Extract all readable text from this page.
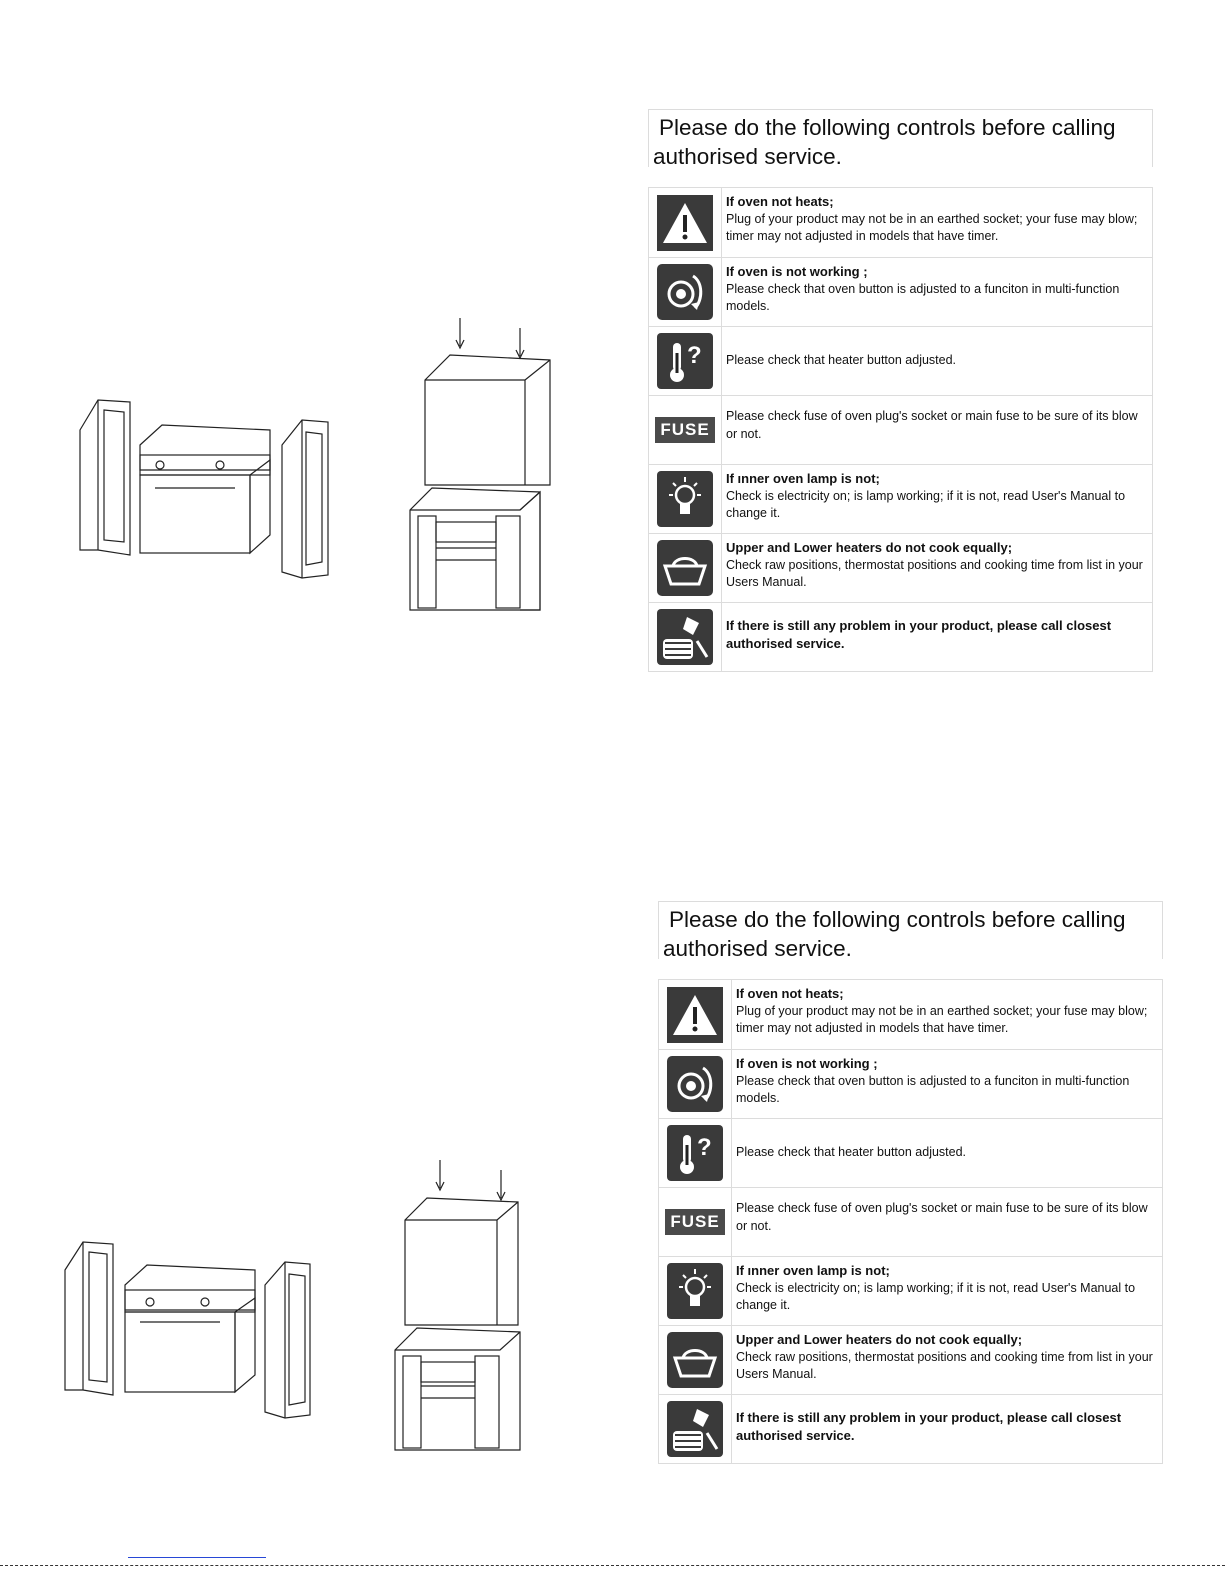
Please do the following controls before calling
authorised service.
If oven not heats;
Plug of your product may not be in an earthed socket; your fuse may blow; timer may not adjusted in models that have timer.
If oven is not working ;
Please check that oven button is adjusted to a funciton in multi-function models.
? Please check that heater button adjusted.
FUSE
Please check fuse of oven plug's socket or main fuse to be sure of its blow or not.
If ınner oven lamp is not;
Check is electricity on; is lamp working; if it is not, read User's Manual to change it.
Upper and Lower heaters do not cook equally;
Check raw positions, thermostat positions and cooking time from list in your Users Manual.
If there is still any problem in your product, please call closest authorised service.
Please do the following controls before calling
authorised service.
If oven not heats;
Plug of your product may not be in an earthed socket; your fuse may blow; timer may not adjusted in models that have timer.
If oven is not working ;
Please check that oven button is adjusted to a funciton in multi-function models.
? Please check that heater button adjusted.
FUSE
Please check fuse of oven plug's socket or main fuse to be sure of its blow or not.
If ınner oven lamp is not;
Check is electricity on; is lamp working; if it is not, read User's Manual to change it.
Upper and Lower heaters do not cook equally;
Check raw positions, thermostat positions and cooking time from list in your Users Manual.
If there is still any problem in your product, please call closest authorised service.
